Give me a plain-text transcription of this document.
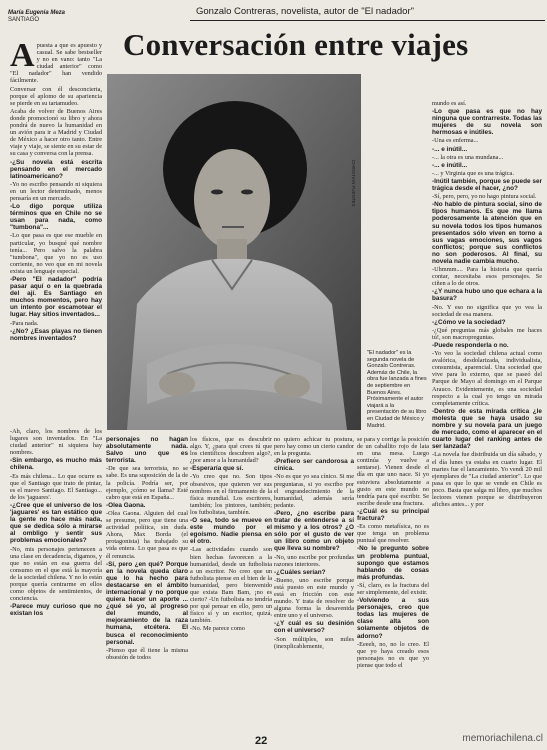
María Eugenia Meza
SANTIAGO
Gonzalo Contreras, novelista, autor de "El nadador"
Conversación entre viajes

Apuesta a que es apuesto y casual. Se sabe bestseller y no en vano: tanto "La ciudad anterior" como "El nadador" han vendido fácilmente.

Conversar con él desconcierta, porque el aplomo de su apariencia se pierde en su tartamudeo.

Acaba de volver de Buenos Aires donde promocionó su libro y ahora pondrá de nuevo la humanidad en un avión para ir a Madrid y Ciudad de México a hacer otro tanto. Entre viaje y viaje, se siente en su estar de su casa y conversa con la prensa.

-¿Su novela está escrita pensando en el mercado latinoamericano?

-Yo no escribo pensando ni siquiera en un lector determinado, menos pensaría en un mercado.

-Lo digo porque utiliza términos que en Chile no se usan para nada, como "tumbona"...

-Lo que pasa es que ese mueble en particular, yo busqué qué nombre tenía... Pero salvo la palabra "tumbona", que yo no es uso corriente, no veo que en mi novela exista un lenguaje especial.

-Pero "El nadador" podría pasar aquí o en la quebrada del ají. Es Santiago en muchos momentos, pero hay un intento por escamotear el lugar. Hay sitios inventados...

-Para nada.

-¿No? ¿Esas playas no tienen nombres inventados?

-Ah, claro, los nombres de los lugares son inventados. En "La ciudad anterior" ni siquiera hay nombres.

-Sin embargo, es mucho más chilena.

-Es más chilena... Lo que ocurre es que el Santiago que trato de pintar, es el nuevo Santiago. El Santiago... de los 'jaguares'.

-¿Cree que el universo de los 'jaguares' es tan estático que la gente no hace más nada, que se dedica sólo a mirarse al ombligo y sentir sus problemas emocionales?

-No, mis personajes pertenecen a una clase en decadencia, digamos, y que no están en esa guerra del consumo en el que está la mayoría de la sociedad chilena. Y no lo están porque quería centrarme en ellos como objetos de sentimientos, de conciencia.

-Parece muy curioso que no existan los

CHRISTIAN FUENTES

mundo es así.

-Lo que pasa es que no hay ninguna que contrarreste. Todas las mujeres de su novela son hermosas e inútiles.

-Una es enferma...

-... e inútil...

-... la otra es una mundana...

-... e inútil...

-... y Virginia que es una trágica.

-Inútil también, porque se puede ser trágica desde el hacer, ¿no?

-Sí, pero, pero, yo no hago pintura social.

-No hablo de pintura social, sino de tipos humanos. Es que me llama poderosamente la atención que en su novela todos los tipos humanos presentados sólo viven en torno a sus vagas emociones, sus vagos conflictos; porque sus conflictos no son poderosos. Al final, su novela nadie cambia mucho.

-Uhmmm.... Para la historia que quería contar, necesitaba esos personajes. Se ciñen a lo de otros.

-¿Y nunca hubo uno que echara a la basura?

-No. Y eso no significa que yo vea la sociedad de esa manera.

-¿Cómo ve la sociedad?

-¿Qué preguntas más globales me haces tú!, son macropreguntas.

-Puede responderla o no.

-Yo veo la sociedad chilena actual como avalórica, desdolarizada, individualista, consumista, aparencial. Una sociedad que vive para lo externo, que se paseó del Parque de Mayo al domingo en el Parque Arauco. Evidentemente, es una sociedad respecto a la cual yo tengo un mirada completamente crítica.

-Dentro de esta mirada crítica ¿le molesta que se haya usado su nombre y su novela para un juego de mercado, como el aparecer en el cuarto lugar del ranking antes de ser lanzada?

-La novela fue distribuida un día sábado, y el día lunes ya estaba en cuarto lugar. El martes fue el lanzamiento. Yo vendí 20 mil ejemplares de "La ciudad anterior". Lo que pasa es que lo que se vende en Chile es poco. Basta que salga mi libro, que muchos lectores vienen porque se distribuyeron afiches antes... y por

"El nadador" es la segunda novela de Gonzalo Contreras. Además de Chile, la obra fue lanzada a fines de septiembre en Buenos Aires. Próximamente el autor viajará a la presentación de su libro en Ciudad de México y Madrid.

personajes no hagan absolutamente nada. Salvo uno que es terrorista.

-De que sea terrorista, no se sabe. Es una suposición de la de la policía. Podría ser, por ejemplo, ¿cómo se llama? Esté cabro que está en España...

-Olea Gaona.

-Olea Gaona. Alguien del cual se presume, pero que tiene una actividad política, sin duda. Ahora, Max Borda (el protagonista) ha trabajado su vida entera. Lo que pasa es que él renuncia.

-Sí, pero ¿en qué? Porque en la novela queda claro que lo ha hecho para destacarse en el ámbito internacional y no porque quiera hacer un aporte ... ¿qué sé yo, al progreso del mundo, al mejoramiento de la raza humana, etcétera. El busca el reconocimiento personal.

-Pienso que él tiene la misma obsesión de todos

los físicos, que es descubrir algo. Y, ¿para qué crees tú que los científicos descubren algo?, ¿por amor a la humanidad?

-Esperaría que sí.

-Yo creo que no. Son tipos obsesivos, que quieren ver sus nombres en el firmamento de la física mundial. Los escritores, también; los pintores, también; los futbolistas, también.

-O sea, todo se mueve en este mundo por el egoísmo. Nadie piensa en el otro.

-Las actividades cuando son bien hechas favorecen a la humanidad, desde un futbolista a un escritor. No creo que un futbolista piense en el bien de la humanidad, pero bienvenido que exista Bam Bam, ¡no es cierto? -Un futbolista no tendría por qué pensar en ello, pero un físico sí y un escritor, quizá, también.

-No. Me parece como

no quiero achicar tu postura, pero hay como un cierto candor en la pregunta.

-Prefiero ser candorosa a cínica.

-No es que yo sea cínico. Si me preguntaras, si yo escribo por el engrandecimiento de la humanidad, además sería pedante.

-Pero, ¿no escribe para tratar de entenderse a sí mismo y a los otros? ¿O sólo por el gusto de ver un libro como un objeto que lleva su nombre?

-No, uno escribe por profundas razones interiores.

-¿Cuáles serían?

-Bueno, uno escribe porque está puesto en este mundo y está en fricción con este mundo. Y trata de resolver de alguna forma la desavenida entre uno y el universo.

-¿Y cuál es su desinión con el universo?

-Son múltiples, son miles (inexplicablemente,

se para y corrige la posición de un caballito rojo de lata en una mesa. Luego continúa y vuelve a sentarse). Vienen desde el día en que uno nace. Si yo estuviera absolutamente a gusto en este mundo no tendría para qué escribir. Se escribe desde una fractura.

-¿Cuál es su principal fractura?

-Es como metafísica, no es que tenga un problema puntual que resolver.

-No le pregunto sobre un problema puntual, supongo que estamos hablando de cosas más profundas.

-Sí, claro, es la fractura del ser simplemente, del existir.

-Volviendo a sus personajes, creo que todas las mujeres de clase alta son solamente objetos de adorno?

-Eeeeh, no, no lo creo. El que yo haya creado esos personajes no es que yo piense que todo el

22	memoriachilena.cl
